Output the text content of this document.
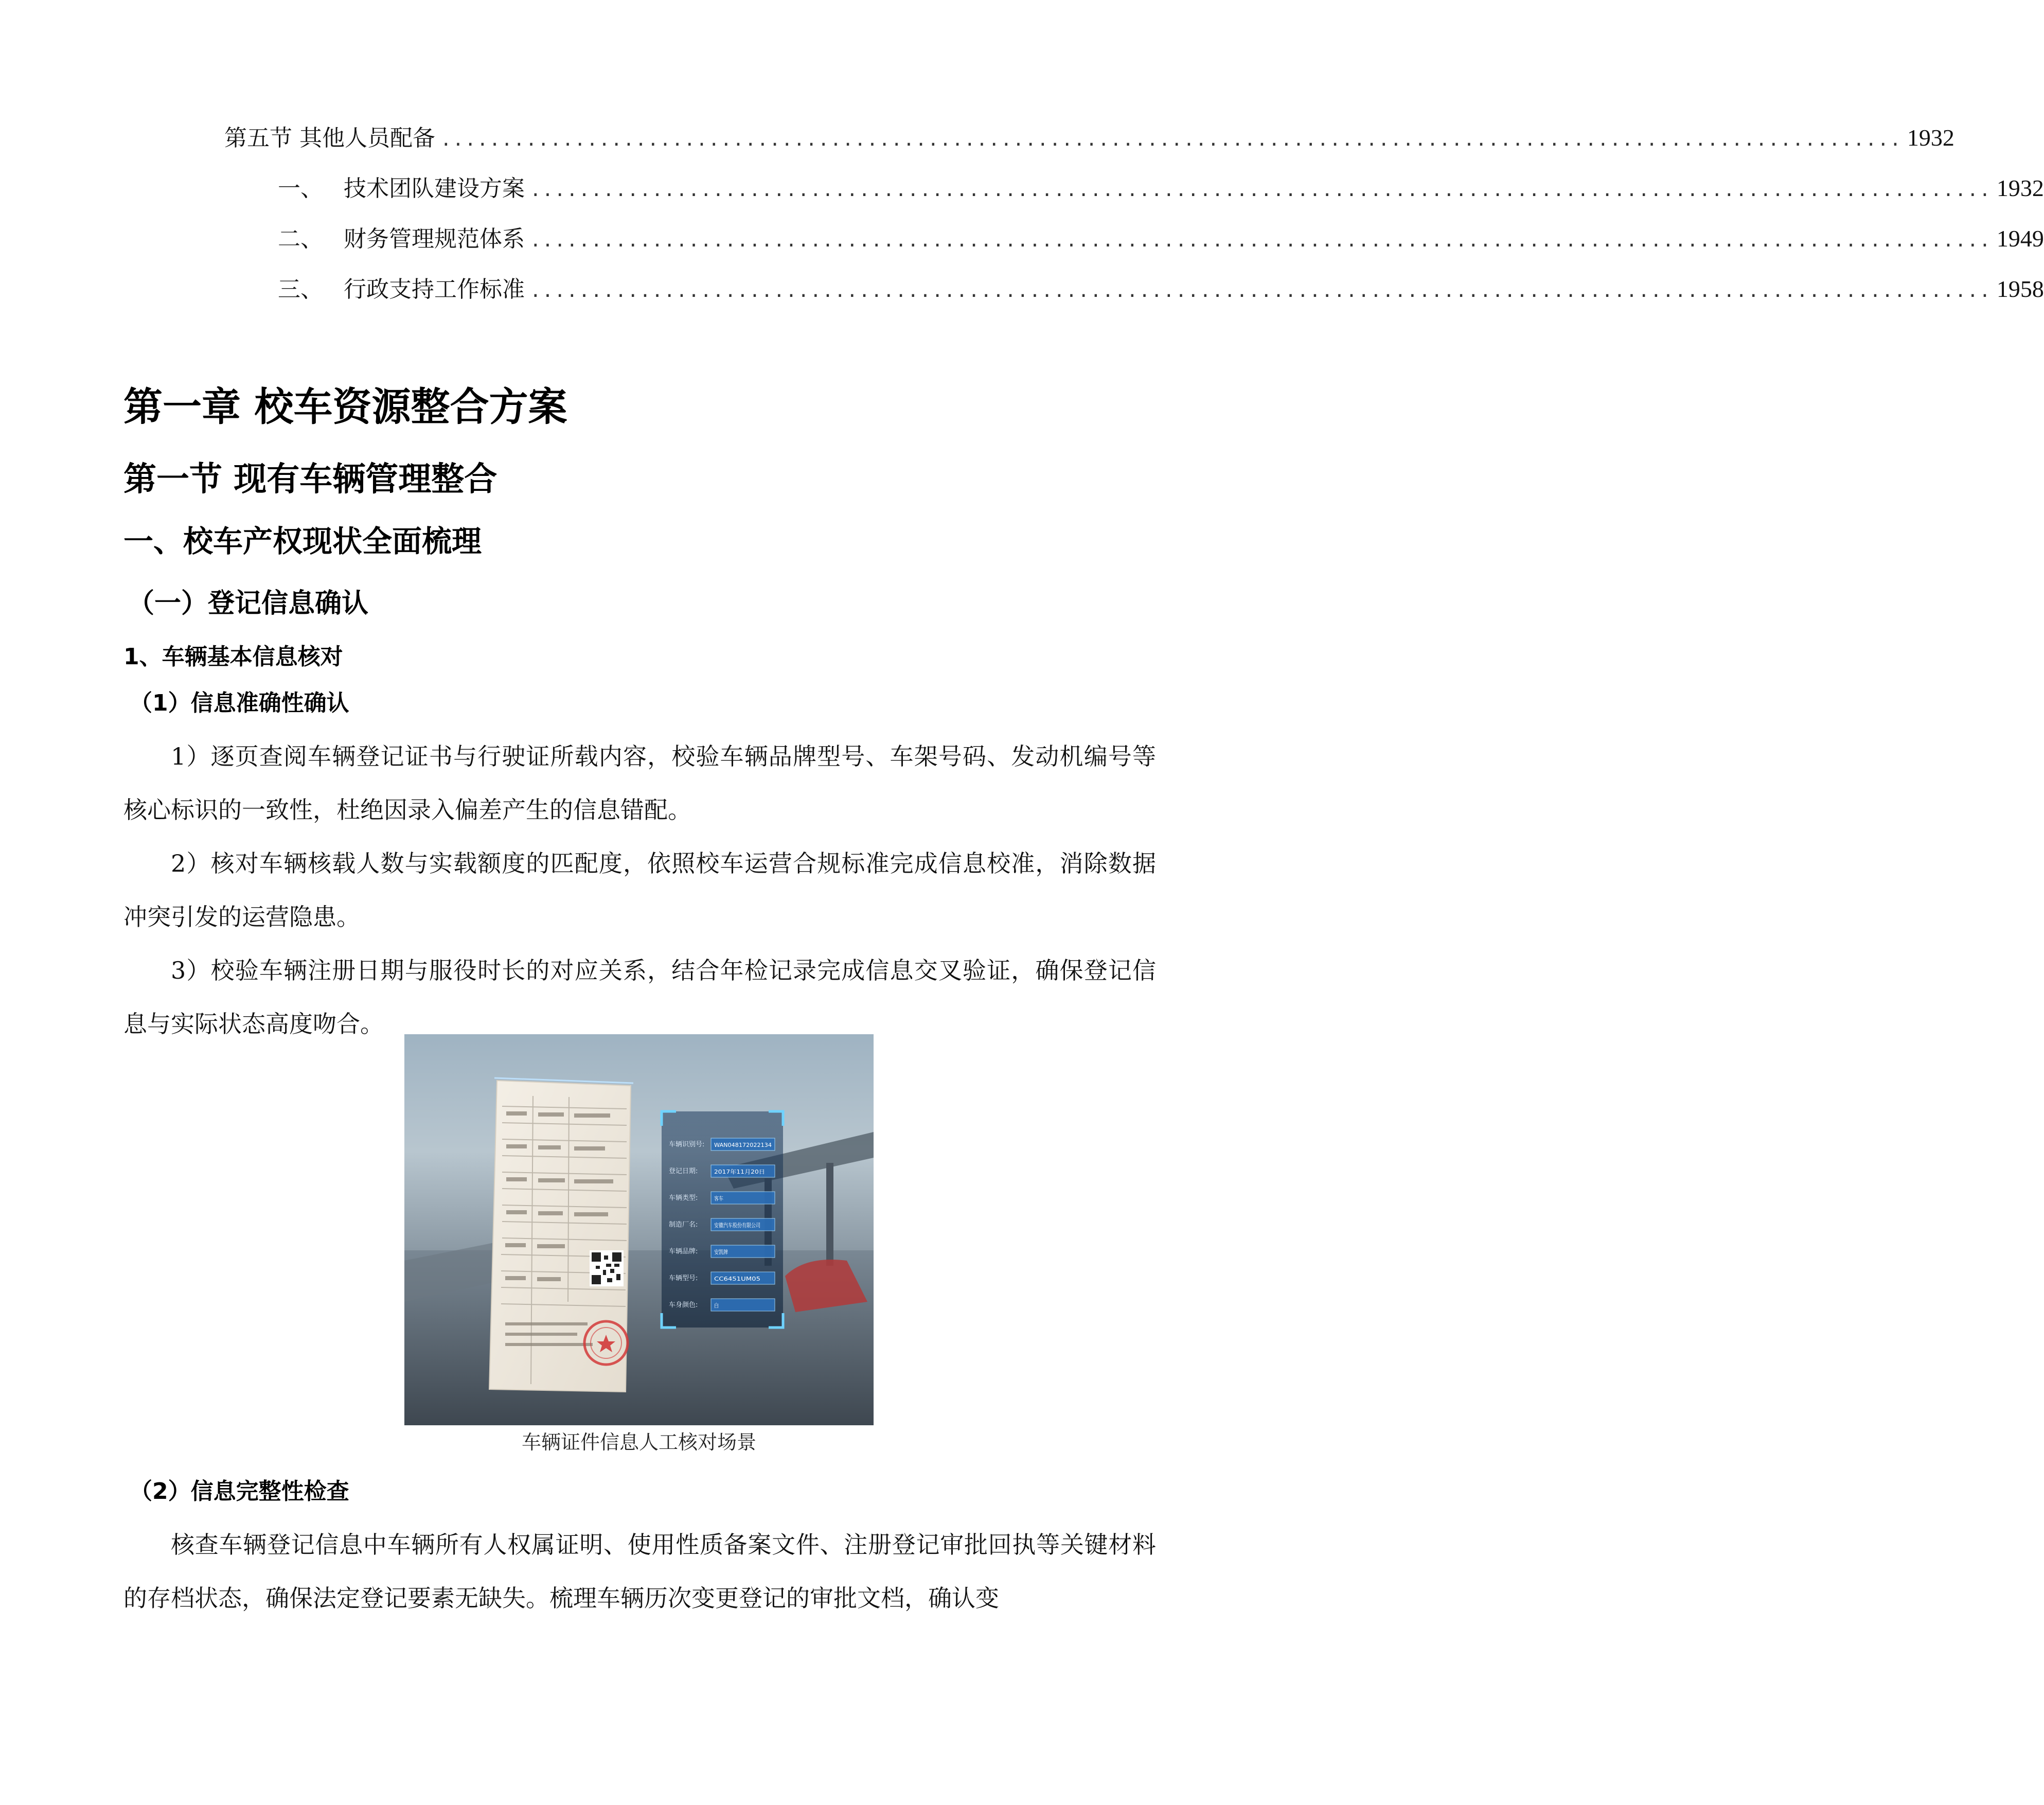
第五节 其他人员配备 ........................................................................................................................ 1932
一、 技术团队建设方案 ........................................................................................................................ 1932
二、 财务管理规范体系 ........................................................................................................................ 1949
三、 行政支持工作标准 ........................................................................................................................ 1958
第一章 校车资源整合方案
第一节 现有车辆管理整合
一、校车产权现状全面梳理
（一）登记信息确认
1、车辆基本信息核对
（1）信息准确性确认

1）逐页查阅车辆登记证书与行驶证所载内容，校验车辆品牌型号、车架号码、发动机编号等核心标识的一致性，杜绝因录入偏差产生的信息错配。

2）核对车辆核载人数与实载额度的匹配度，依照校车运营合规标准完成信息校准，消除数据冲突引发的运营隐患。

3）校验车辆注册日期与服役时长的对应关系，结合年检记录完成信息交叉验证，确保登记信息与实际状态高度吻合。

车辆识别号: WAN048172022134
登记日期:	2017年11月20日
车辆类型:	客车
制造厂名:	安徽汽车股份有限公司
车辆品牌:	安凯牌
车辆型号:	CC6451UM05
车身颜色:	白
车辆证件信息人工核对场景
（2）信息完整性检查

核查车辆登记信息中车辆所有人权属证明、使用性质备案文件、注册登记审批回执等关键材料的存档状态，确保法定登记要素无缺失。梳理车辆历次变更登记的审批文档，确认变
